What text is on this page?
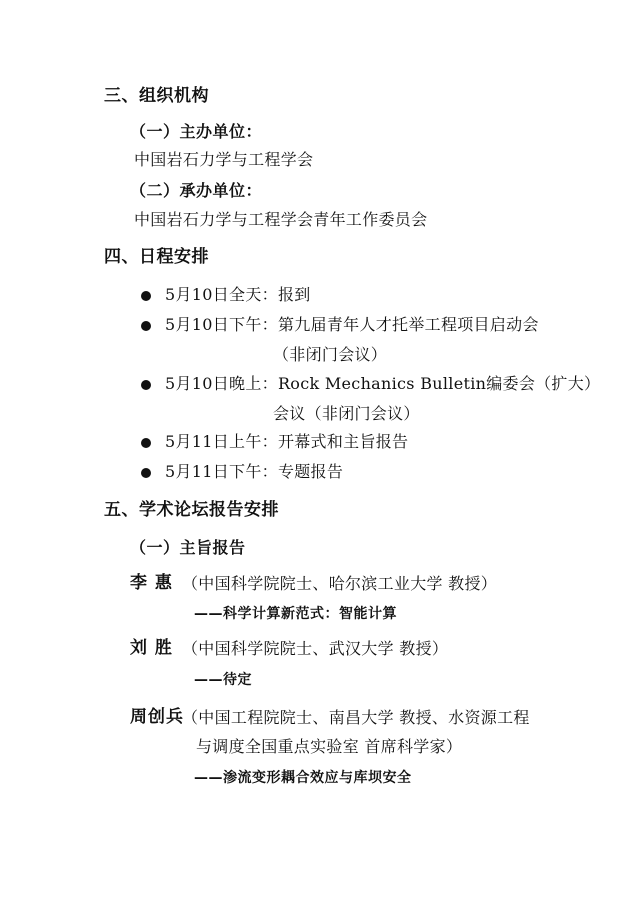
三、组织机构
（一）主办单位：
中国岩石力学与工程学会
（二）承办单位：
中国岩石力学与工程学会青年工作委员会
四、日程安排
5月10日全天：报到
5月10日下午：第九届青年人才托举工程项目启动会
（非闭门会议）
5月10日晚上：Rock Mechanics Bulletin编委会（扩大）
会议（非闭门会议）
5月11日上午：开幕式和主旨报告
5月11日下午：专题报告
五、学术论坛报告安排
（一）主旨报告
李 惠 （中国科学院院士、哈尔滨工业大学 教授）
——科学计算新范式：智能计算
刘 胜 （中国科学院院士、武汉大学 教授）
——待定
周创兵
（中国工程院院士、南昌大学 教授、水资源工程
与调度全国重点实验室 首席科学家）
——渗流变形耦合效应与库坝安全
